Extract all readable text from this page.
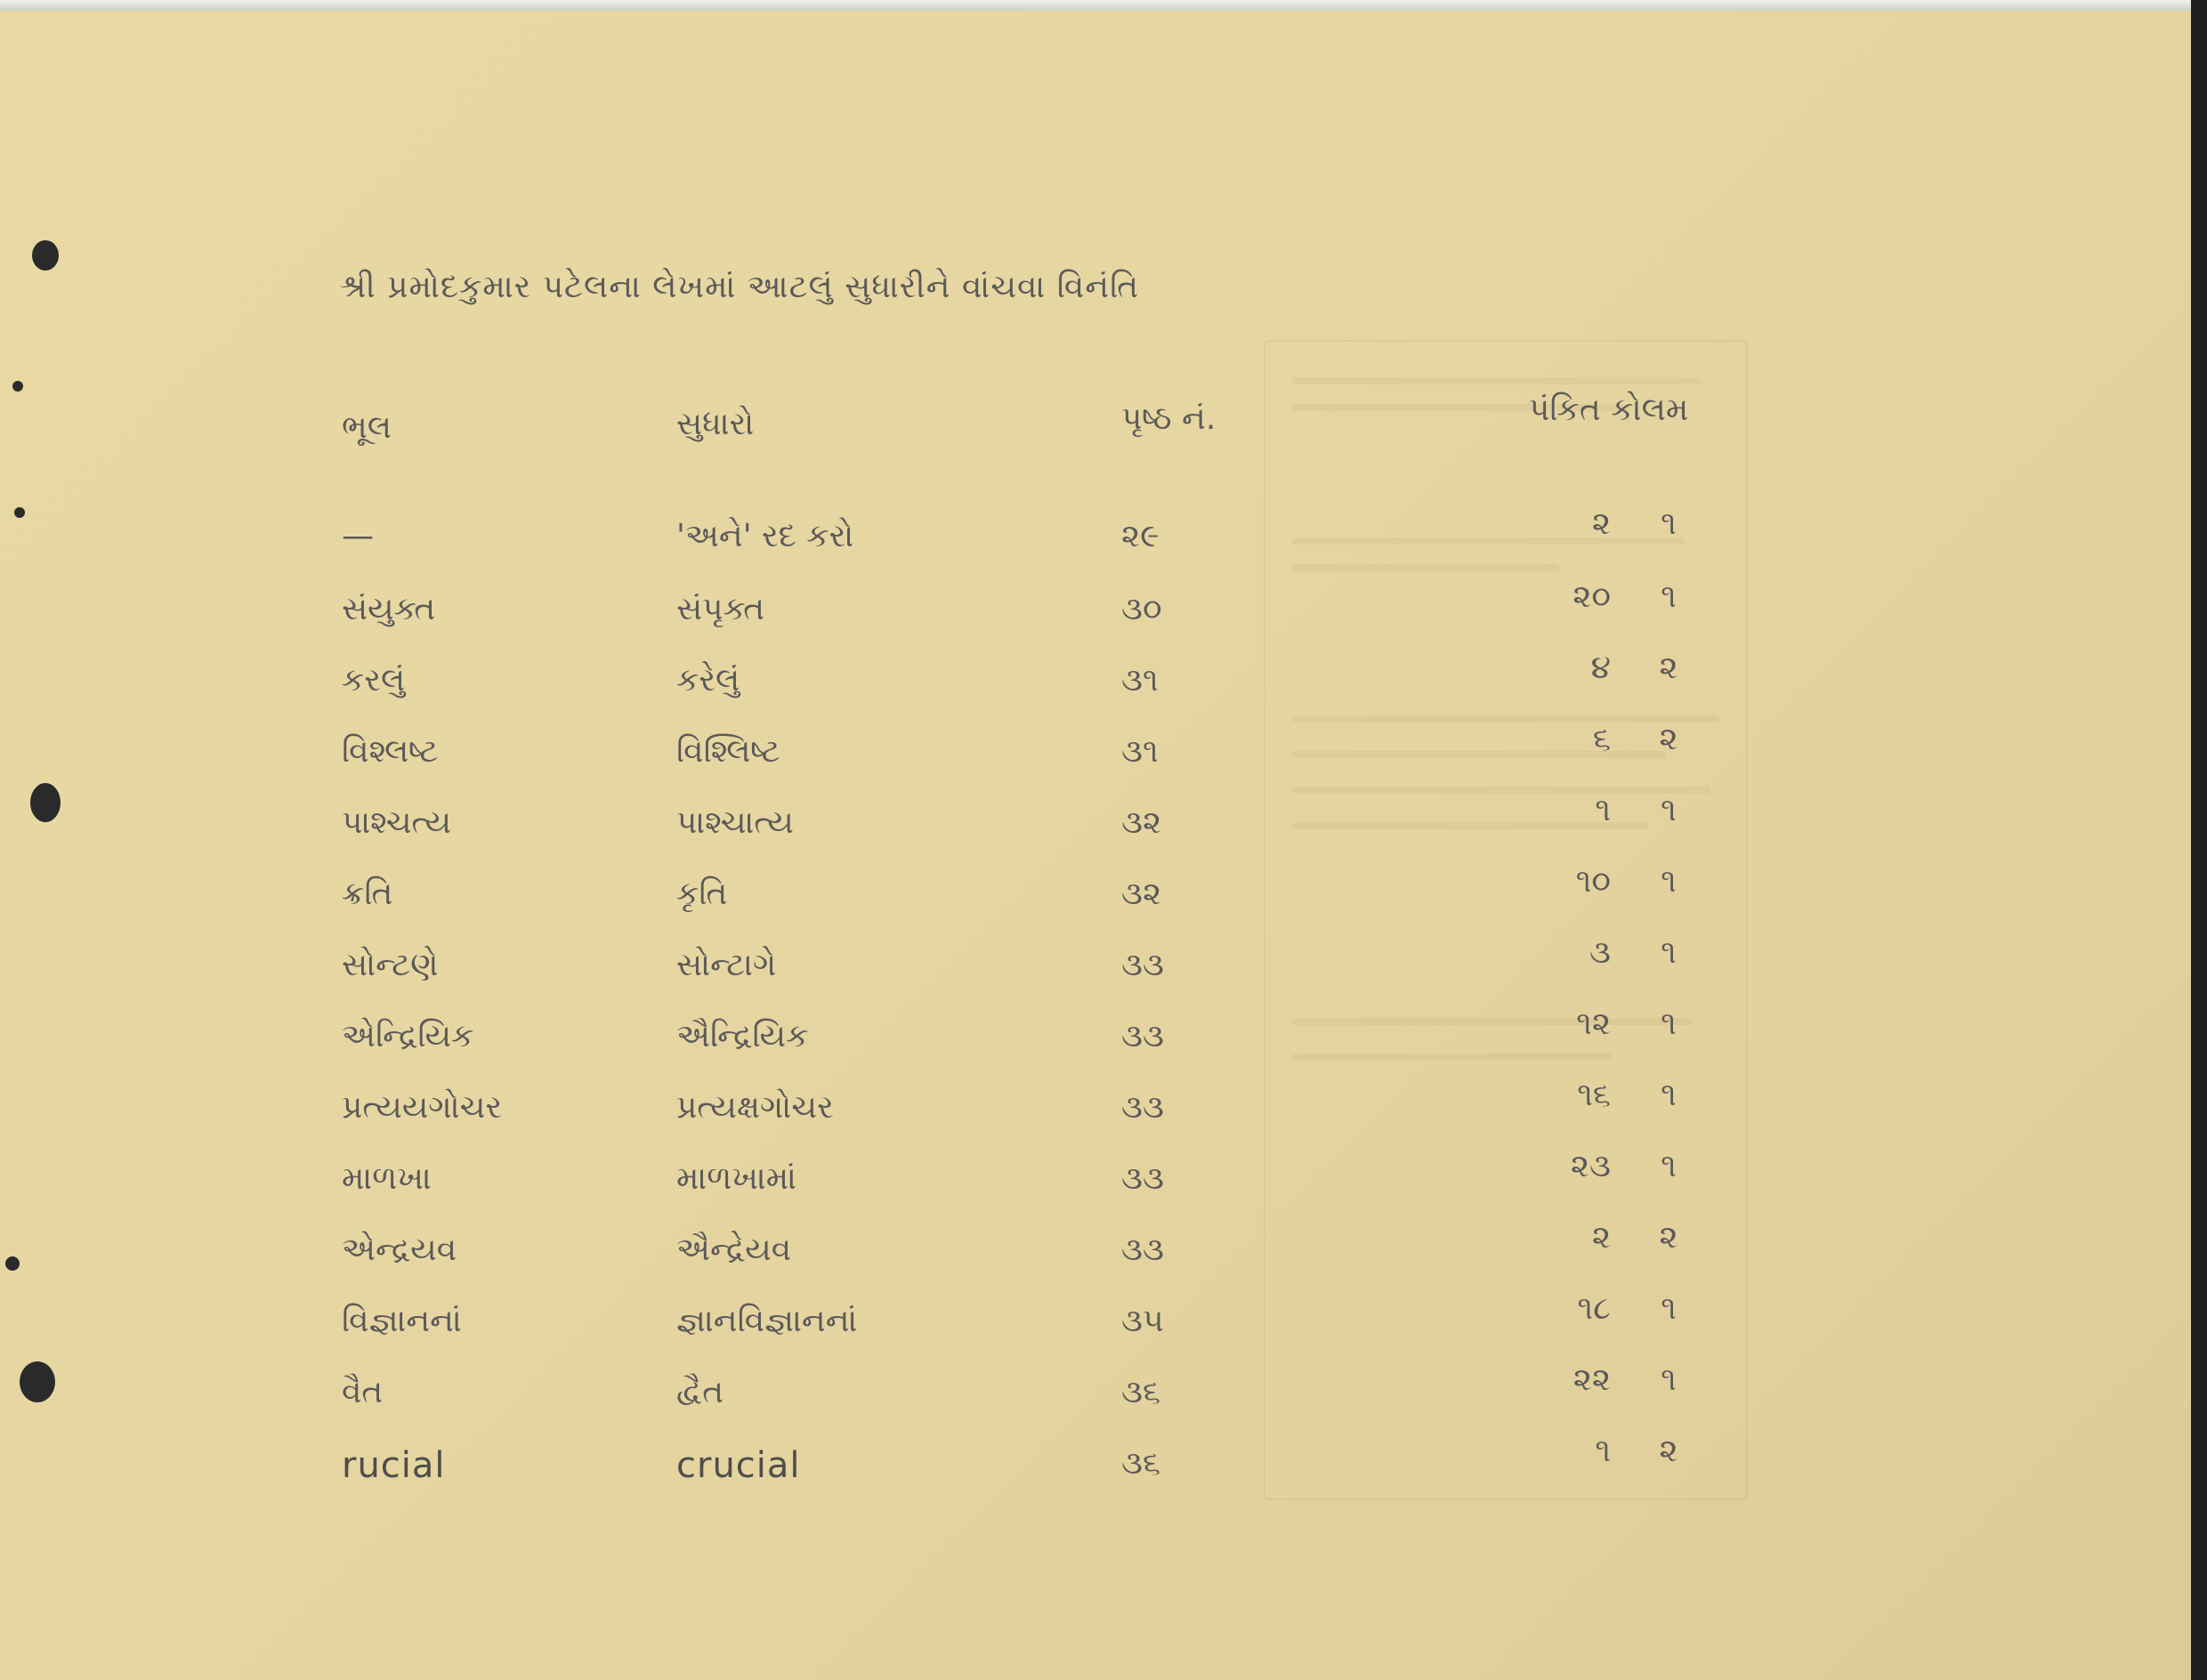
શ્રી પ્રમોદકુમાર પટેલના લેખમાં આટલું સુધારીને વાંચવા વિનંતિ
ભૂલ	સુધારો	પૃષ્ઠ નં.	પંકિત કોલમ
—	'અને' રદ કરો	૨૯	૨	૧
સંયુક્ત	સંપૃક્ત	૩૦	૨૦	૧
કરલું	કરેલું	૩૧	૪	૨
વિશ્લષ્ટ	વિશ્લિષ્ટ	૩૧	૬	૨
પાશ્ચત્ય	પાશ્ચાત્ય	૩૨	૧	૧
ક્રતિ	કૃતિ	૩૨	૧૦	૧
સોન્ટણે	સોન્ટાગે	૩૩	૩	૧
એન્દ્રિયિક	ઐન્દ્રિયિક	૩૩	૧૨	૧
પ્રત્યયગોચર	પ્રત્યક્ષગોચર	૩૩	૧૬	૧
માળખા	માળખામાં	૩૩	૨૩	૧
એન્દ્રયવ	ઐન્દ્રેયવ	૩૩	૨	૨
વિજ્ઞાનનાં	જ્ઞાનવિજ્ઞાનનાં	૩૫	૧૮	૧
વૈત	દ્વૈત	૩૬	૨૨	૧
rucial	crucial	૩૬	૧	૨
